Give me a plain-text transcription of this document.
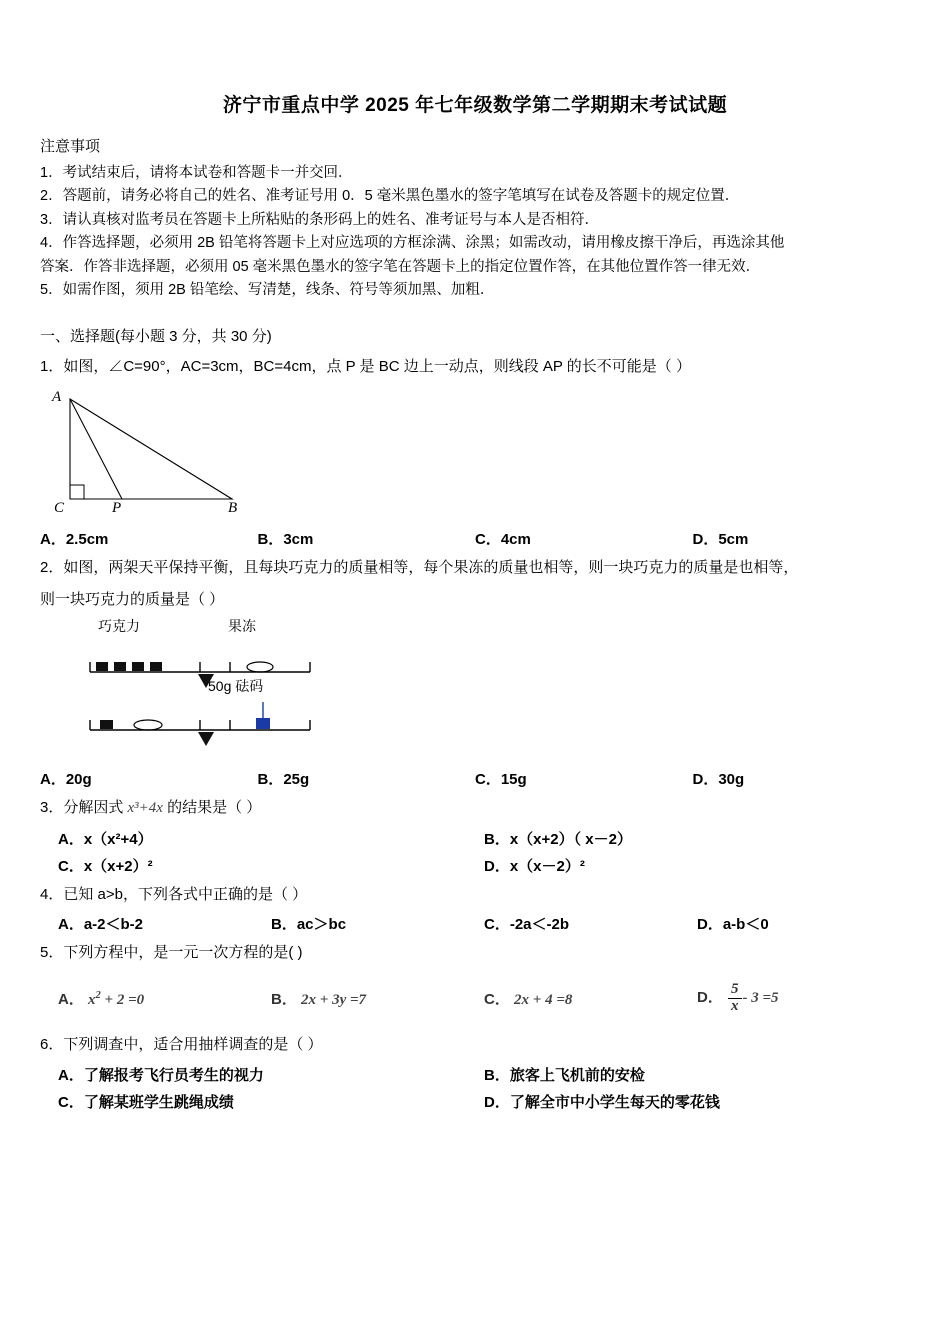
济宁市重点中学 2025 年七年级数学第二学期期末考试试题
注意事项

1．考试结束后，请将本试卷和答题卡一并交回．

2．答题前，请务必将自己的姓名、准考证号用 0．5 毫米黑色墨水的签字笔填写在试卷及答题卡的规定位置．

3．请认真核对监考员在答题卡上所粘贴的条形码上的姓名、准考证号与本人是否相符．

4．作答选择题，必须用 2B 铅笔将答题卡上对应选项的方框涂满、涂黑；如需改动，请用橡皮擦干净后，再选涂其他

答案．作答非选择题，必须用 05 毫米黑色墨水的签字笔在答题卡上的指定位置作答，在其他位置作答一律无效．

5．如需作图，须用 2B 铅笔绘、写清楚，线条、符号等须加黑、加粗．

一、选择题(每小题 3 分，共 30 分)

1．如图，∠C=90°，AC=3cm，BC=4cm，点 P 是 BC 边上一动点，则线段 AP 的长不可能是（ ）

A
C	P	B
A．2.5cm	B．3cm	C．4cm	D．5cm

2．如图，两架天平保持平衡，且每块巧克力的质量相等，每个果冻的质量也相等，则一块巧克力的质量是也相等，

则一块巧克力的质量是（ ）

巧克力	果冻
50g 砝码
A．20g	B．25g	C．15g	D．30g

3．分解因式 x³+4x 的结果是（ ）

A．x（x²+4）	B．x（x+2）（ x－2）
C．x（x+2）²	D．x（x－2）²

4．已知 a>b，下列各式中正确的是（ ）

A．a-2＜b-2	B．ac＞bc	C．-2a＜-2b	D．a-b＜0

5．下列方程中，是一元一次方程的是( )

A． $x^2 + 2 =0$	B． 2x + 3y =7	C． 2x + 4 =8	D． $\frac{5}{x} - 3 =5$

6．下列调查中，适合用抽样调查的是（ ）

A．了解报考飞行员考生的视力	B．旅客上飞机前的安检
C．了解某班学生跳绳成绩	D．了解全市中小学生每天的零花钱
